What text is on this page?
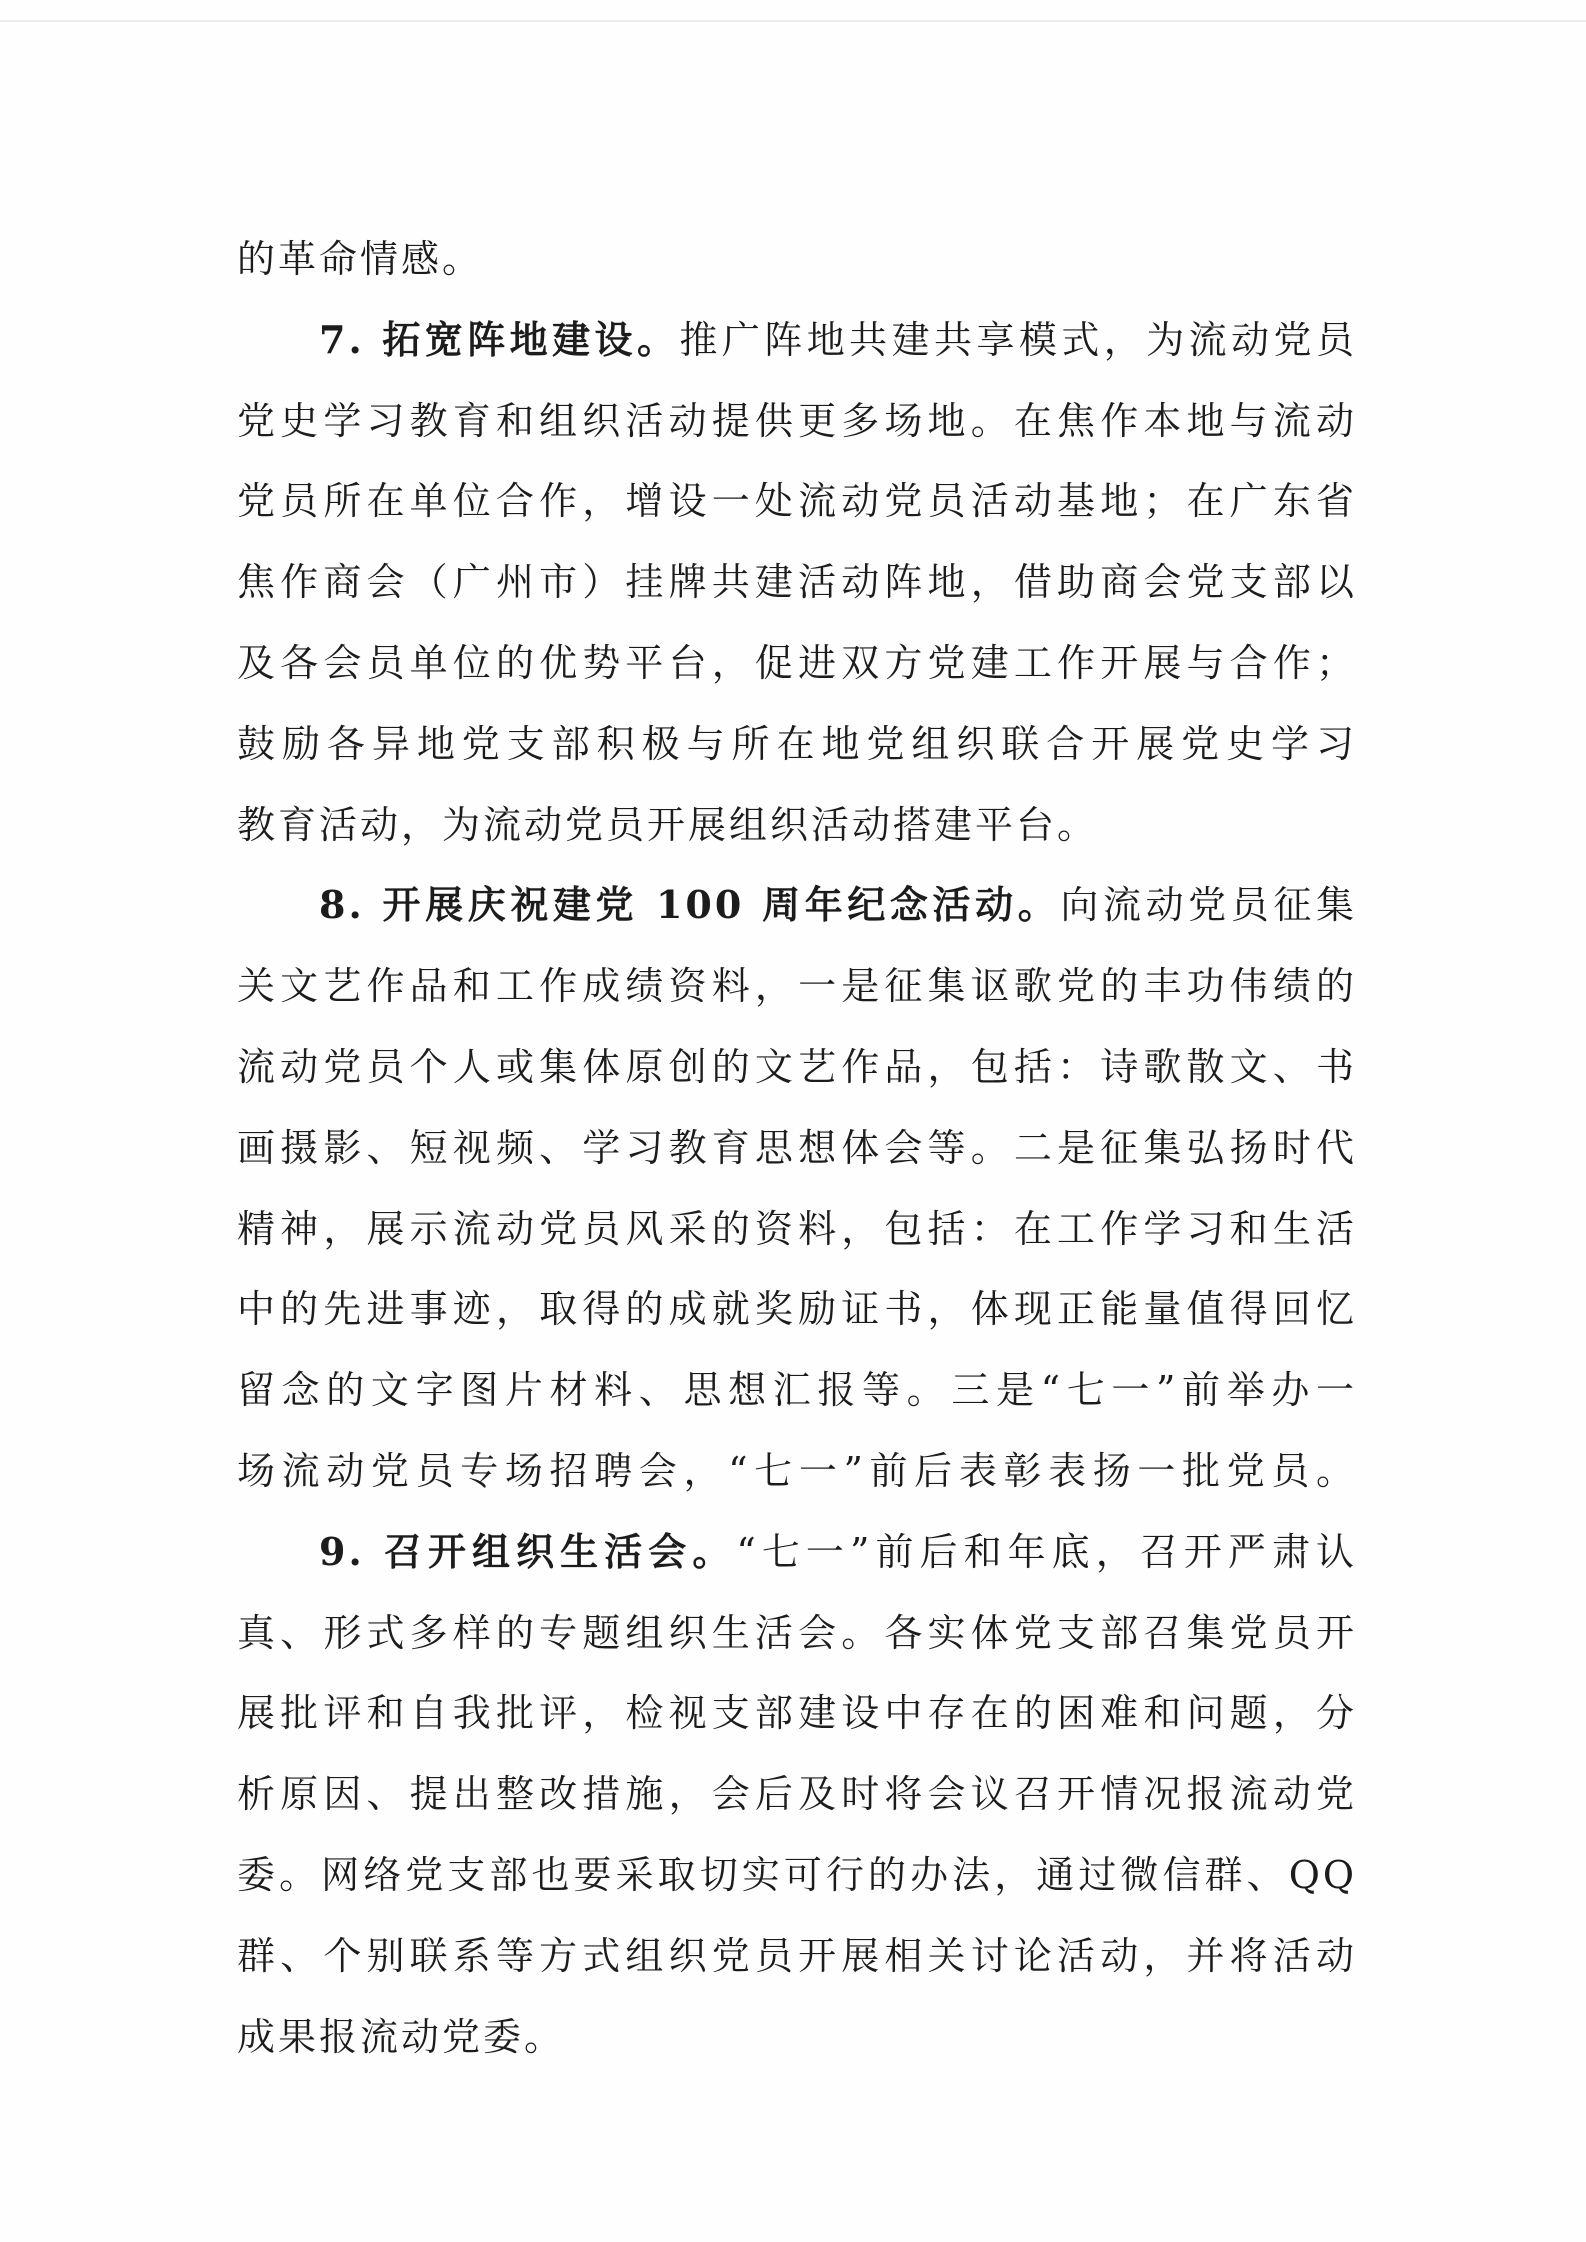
的革命情感。
7. 拓宽阵地建设。推广阵地共建共享模式，为流动党员
党史学习教育和组织活动提供更多场地。在焦作本地与流动
党员所在单位合作，增设一处流动党员活动基地；在广东省
焦作商会（广州市）挂牌共建活动阵地，借助商会党支部以
及各会员单位的优势平台，促进双方党建工作开展与合作；
鼓励各异地党支部积极与所在地党组织联合开展党史学习
教育活动，为流动党员开展组织活动搭建平台。
8. 开展庆祝建党 100 周年纪念活动。向流动党员征集
关文艺作品和工作成绩资料，一是征集讴歌党的丰功伟绩的
流动党员个人或集体原创的文艺作品，包括：诗歌散文、书
画摄影、短视频、学习教育思想体会等。二是征集弘扬时代
精神，展示流动党员风采的资料，包括：在工作学习和生活
中的先进事迹，取得的成就奖励证书，体现正能量值得回忆
留念的文字图片材料、思想汇报等。三是“七一”前举办一
场流动党员专场招聘会，“七一”前后表彰表扬一批党员。
9. 召开组织生活会。“七一”前后和年底，召开严肃认
真、形式多样的专题组织生活会。各实体党支部召集党员开
展批评和自我批评，检视支部建设中存在的困难和问题，分
析原因、提出整改措施，会后及时将会议召开情况报流动党
委。网络党支部也要采取切实可行的办法，通过微信群、QQ
群、个别联系等方式组织党员开展相关讨论活动，并将活动
成果报流动党委。
